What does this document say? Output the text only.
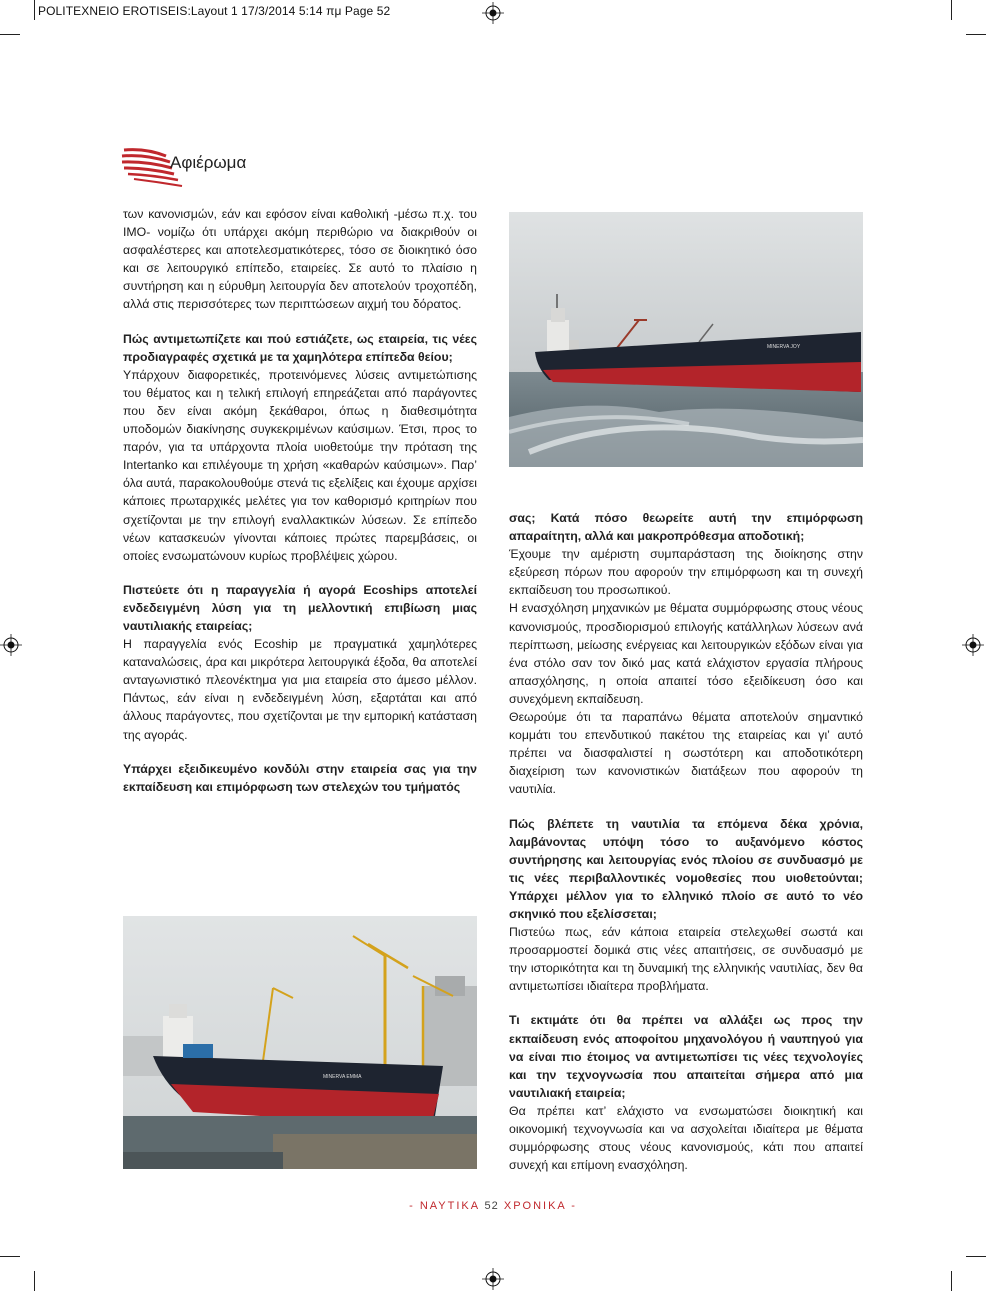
POLITEXNEIO EROTISEIS:Layout 1 17/3/2014 5:14 πμ Page 52
Αφιέρωμα

των κανονισμών, εάν και εφόσον είναι καθολική -μέσω π.χ. του ΙΜΟ- νομίζω ότι υπάρχει ακόμη περιθώριο να διακριθούν οι ασφαλέστερες και αποτελεσματικότερες, τόσο σε διοικητικό όσο και σε λειτουργικό επίπεδο, εταιρείες. Σε αυτό το πλαίσιο η συντήρηση και η εύρυθμη λειτουργία δεν αποτελούν τροχοπέδη, αλλά στις περισσότερες των περιπτώσεων αιχμή του δόρατος.

Πώς αντιμετωπίζετε και πού εστιάζετε, ως εταιρεία, τις νέες προδιαγραφές σχετικά με τα χαμηλότερα επίπεδα θείου;

Υπάρχουν διαφορετικές, προτεινόμενες λύσεις αντιμετώπισης του θέματος και η τελική επιλογή επηρεάζεται από παράγοντες που δεν είναι ακόμη ξεκάθαροι, όπως η διαθεσιμότητα υποδομών διακίνησης συγκεκριμένων καύσιμων. Έτσι, προς το παρόν, για τα υπάρχοντα πλοία υιοθετούμε την πρόταση της Intertanko και επιλέγουμε τη χρήση «καθαρών καύσιμων». Παρ’ όλα αυτά, παρακολουθούμε στενά τις εξελίξεις και έχουμε αρχίσει κάποιες πρωταρχικές μελέτες για τον καθορισμό κριτηρίων που σχετίζονται με την επιλογή εναλλακτικών λύσεων. Σε επίπεδο νέων κατασκευών γίνονται κάποιες πρώτες παρεμβάσεις, οι οποίες ενσωματώνουν κυρίως προβλέψεις χώρου.

Πιστεύετε ότι η παραγγελία ή αγορά Ecoships αποτελεί ενδεδειγμένη λύση για τη μελλοντική επιβίωση μιας ναυτιλιακής εταιρείας;

Η παραγγελία ενός Ecoship με πραγματικά χαμηλότερες καταναλώσεις, άρα και μικρότερα λειτουργικά έξοδα, θα αποτελεί ανταγωνιστικό πλεονέκτημα για μια εταιρεία στο άμεσο μέλλον. Πάντως, εάν είναι η ενδεδειγμένη λύση, εξαρτάται και από άλλους παράγοντες, που σχετίζονται με την εμπορική κατάσταση της αγοράς.

Υπάρχει εξειδικευμένο κονδύλι στην εταιρεία σας για την εκπαίδευση και επιμόρφωση των στελεχών του τμήματός

MINERVA JOY

σας; Κατά πόσο θεωρείτε αυτή την επιμόρφωση απαραίτητη, αλλά και μακροπρόθεσμα αποδοτική;

Έχουμε την αμέριστη συμπαράσταση της διοίκησης στην εξεύρεση πόρων που αφορούν την επιμόρφωση και τη συνεχή εκπαίδευση του προσωπικού.

Η ενασχόληση μηχανικών με θέματα συμμόρφωσης στους νέους κανονισμούς, προσδιορισμού επιλογής κατάλληλων λύσεων ανά περίπτωση, μείωσης ενέργειας και λειτουργικών εξόδων είναι για ένα στόλο σαν τον δικό μας κατά ελάχιστον εργασία πλήρους απασχόλησης, η οποία απαιτεί τόσο εξειδίκευση όσο και συνεχόμενη εκπαίδευση.

Θεωρούμε ότι τα παραπάνω θέματα αποτελούν σημαντικό κομμάτι του επενδυτικού πακέτου της εταιρείας και γι’ αυτό πρέπει να διασφαλιστεί η σωστότερη και αποδοτικότερη διαχείριση των κανονιστικών διατάξεων που αφορούν τη ναυτιλία.

Πώς βλέπετε τη ναυτιλία τα επόμενα δέκα χρόνια, λαμβάνοντας υπόψη τόσο το αυξανόμενο κόστος συντήρησης και λειτουργίας ενός πλοίου σε συνδυασμό με τις νέες περιβαλλοντικές νομοθεσίες που υιοθετούνται; Υπάρχει μέλλον για το ελληνικό πλοίο σε αυτό το νέο σκηνικό που εξελίσσεται;

Πιστεύω πως, εάν κάποια εταιρεία στελεχωθεί σωστά και προσαρμοστεί δομικά στις νέες απαιτήσεις, σε συνδυασμό με την ιστορικότητα και τη δυναμική της ελληνικής ναυτιλίας, δεν θα αντιμετωπίσει ιδιαίτερα προβλήματα.

Τι εκτιμάτε ότι θα πρέπει να αλλάξει ως προς την εκπαίδευση ενός αποφοίτου μηχανολόγου ή ναυπηγού για να είναι πιο έτοιμος να αντιμετωπίσει τις νέες τεχνολογίες και την τεχνογνωσία που απαιτείται σήμερα από μια ναυτιλιακή εταιρεία;

Θα πρέπει κατ’ ελάχιστο να ενσωματώσει διοικητική και οικονομική τεχνογνωσία και να ασχολείται ιδιαίτερα με θέματα συμμόρφωσης στους νέους κανονισμούς, κάτι που απαιτεί συνεχή και επίμονη ενασχόληση.

MINERVA EMMA
- ΝΑΥΤΙΚΑ 52 ΧΡΟΝΙΚΑ -
